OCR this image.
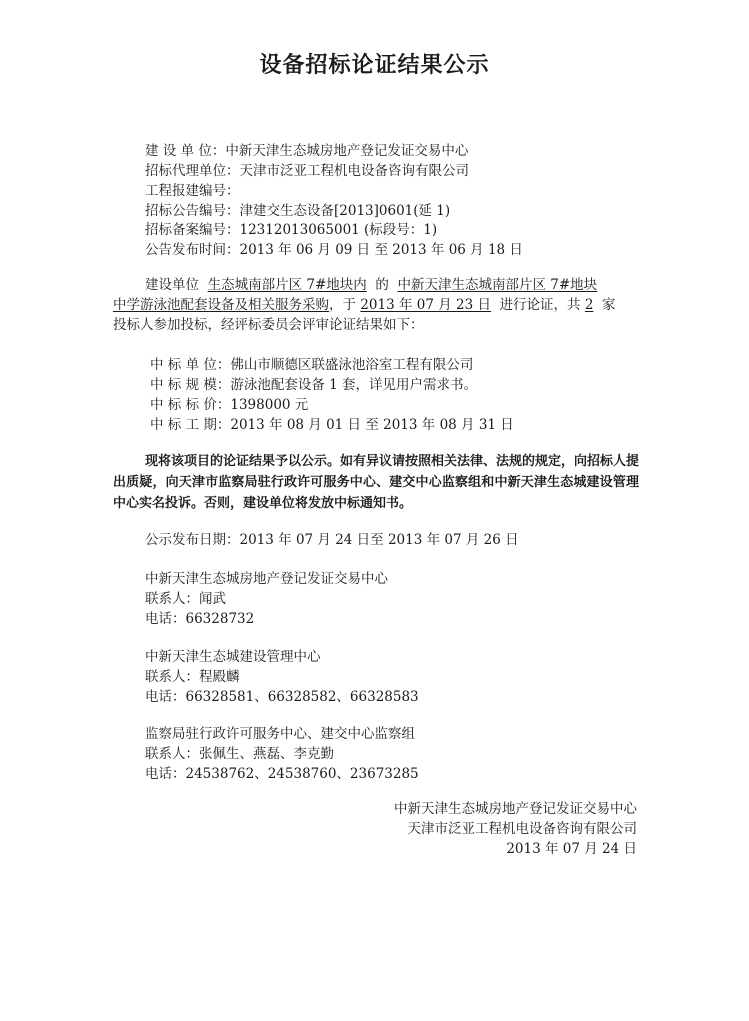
设备招标论证结果公示

建 设 单 位：中新天津生态城房地产登记发证交易中心

招标代理单位：天津市泛亚工程机电设备咨询有限公司

工程报建编号：

招标公告编号：津建交生态设备[2013]0601(延 1)

招标备案编号：12312013065001 (标段号：1)

公告发布时间：2013 年 06 月 09 日 至 2013 年 06 月 18 日

建设单位 生态城南部片区 7#地块内 的 中新天津生态城南部片区 7#地块

中学游泳池配套设备及相关服务采购，于 2013 年 07 月 23 日 进行论证，共 2 家

投标人参加投标，经评标委员会评审论证结果如下：

中 标 单 位：佛山市顺德区联盛泳池浴室工程有限公司

中 标 规 模：游泳池配套设备 1 套，详见用户需求书。

中 标 标 价：1398000 元

中 标 工 期：2013 年 08 月 01 日 至 2013 年 08 月 31 日

现将该项目的论证结果予以公示。如有异议请按照相关法律、法规的规定，向招标人提出质疑，向天津市监察局驻行政许可服务中心、建交中心监察组和中新天津生态城建设管理中心实名投诉。否则，建设单位将发放中标通知书。

公示发布日期：2013 年 07 月 24 日至 2013 年 07 月 26 日

中新天津生态城房地产登记发证交易中心

联系人：闻武

电话：66328732

中新天津生态城建设管理中心

联系人：程殿麟

电话：66328581、66328582、66328583

监察局驻行政许可服务中心、建交中心监察组

联系人：张佩生、燕磊、李克勤

电话：24538762、24538760、23673285

中新天津生态城房地产登记发证交易中心

天津市泛亚工程机电设备咨询有限公司

2013 年 07 月 24 日
